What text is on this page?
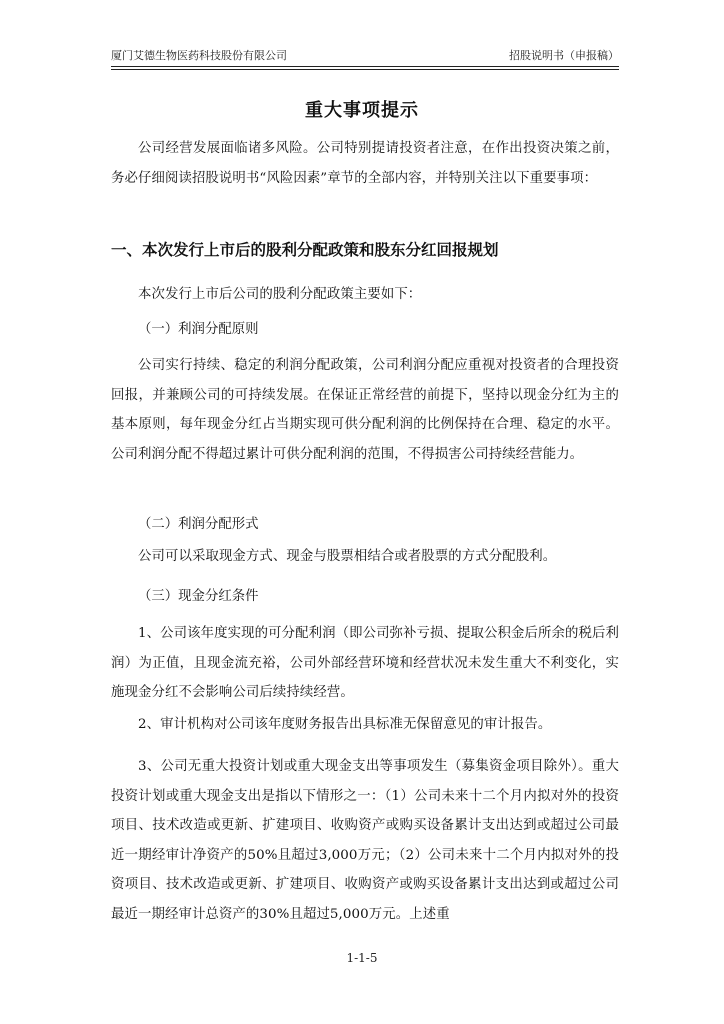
厦门艾德生物医药科技股份有限公司	招股说明书（申报稿）
重大事项提示

公司经营发展面临诸多风险。公司特别提请投资者注意，在作出投资决策之前，务必仔细阅读招股说明书“风险因素”章节的全部内容，并特别关注以下重要事项：

一、本次发行上市后的股利分配政策和股东分红回报规划

本次发行上市后公司的股利分配政策主要如下：

（一）利润分配原则

公司实行持续、稳定的利润分配政策，公司利润分配应重视对投资者的合理投资回报，并兼顾公司的可持续发展。在保证正常经营的前提下，坚持以现金分红为主的基本原则，每年现金分红占当期实现可供分配利润的比例保持在合理、稳定的水平。公司利润分配不得超过累计可供分配利润的范围，不得损害公司持续经营能力。

（二）利润分配形式

公司可以采取现金方式、现金与股票相结合或者股票的方式分配股利。

（三）现金分红条件

1、公司该年度实现的可分配利润（即公司弥补亏损、提取公积金后所余的税后利润）为正值，且现金流充裕，公司外部经营环境和经营状况未发生重大不利变化，实施现金分红不会影响公司后续持续经营。

2、审计机构对公司该年度财务报告出具标准无保留意见的审计报告。

3、公司无重大投资计划或重大现金支出等事项发生（募集资金项目除外）。重大投资计划或重大现金支出是指以下情形之一：（1）公司未来十二个月内拟对外的投资项目、技术改造或更新、扩建项目、收购资产或购买设备累计支出达到或超过公司最近一期经审计净资产的50%且超过3,000万元；（2）公司未来十二个月内拟对外的投资项目、技术改造或更新、扩建项目、收购资产或购买设备累计支出达到或超过公司最近一期经审计总资产的30%且超过5,000万元。上述重

1-1-5
